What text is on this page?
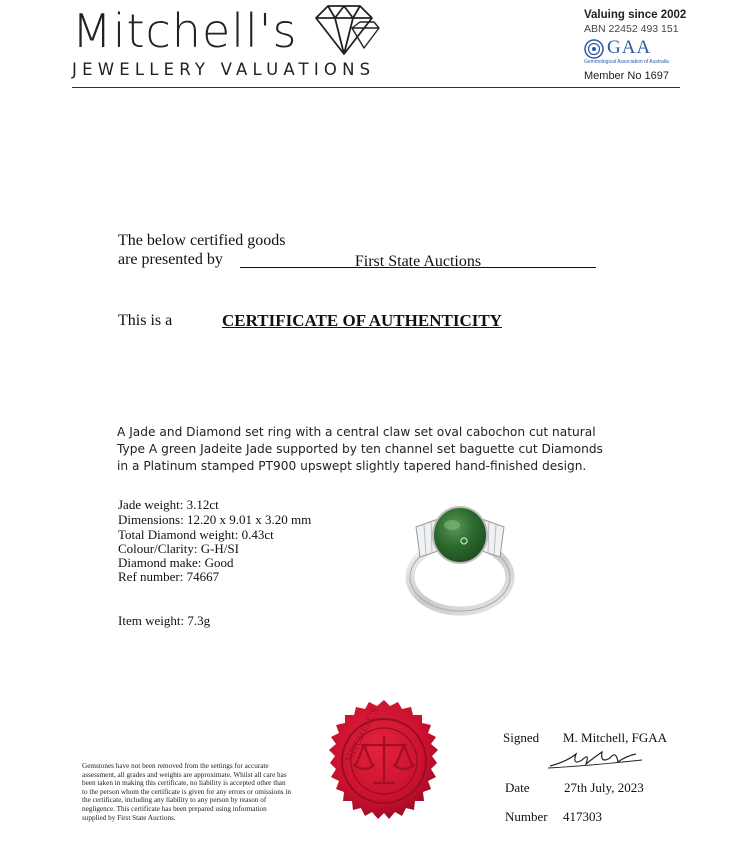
Mitchell's
JEWELLERY VALUATIONS
Valuing since 2002
ABN 22452 493 151
GAA
Gemmological Association of Australia
Member No 1697
The below certified goods
are presented by	First State Auctions
This is a	CERTIFICATE OF AUTHENTICITY
A Jade and Diamond set ring with a central claw set oval cabochon cut natural Type A green Jadeite Jade supported by ten channel set baguette cut Diamonds in a Platinum stamped PT900 upswept slightly tapered hand-finished design.
Jade weight: 3.12ct
Dimensions: 12.20 x 9.01 x 3.20 mm
Total Diamond weight: 0.43ct
Colour/Clarity: G-H/SI
Diamond make: Good
Ref number: 74667
Item weight: 7.3g
MITCHELL'S
Gemstones have not been removed from the settings for accurate assessment, all grades and weights are approximate. Whilst all care has been taken in making this certificate, no liability is accepted other than to the person whom the certificate is given for any errors or omissions in the certificate, including any liability to any person by reason of negligence. This certificate has been prepared using information supplied by First State Auctions.
Signed M. Mitchell, FGAA
Date	27th July, 2023
Number 417303
